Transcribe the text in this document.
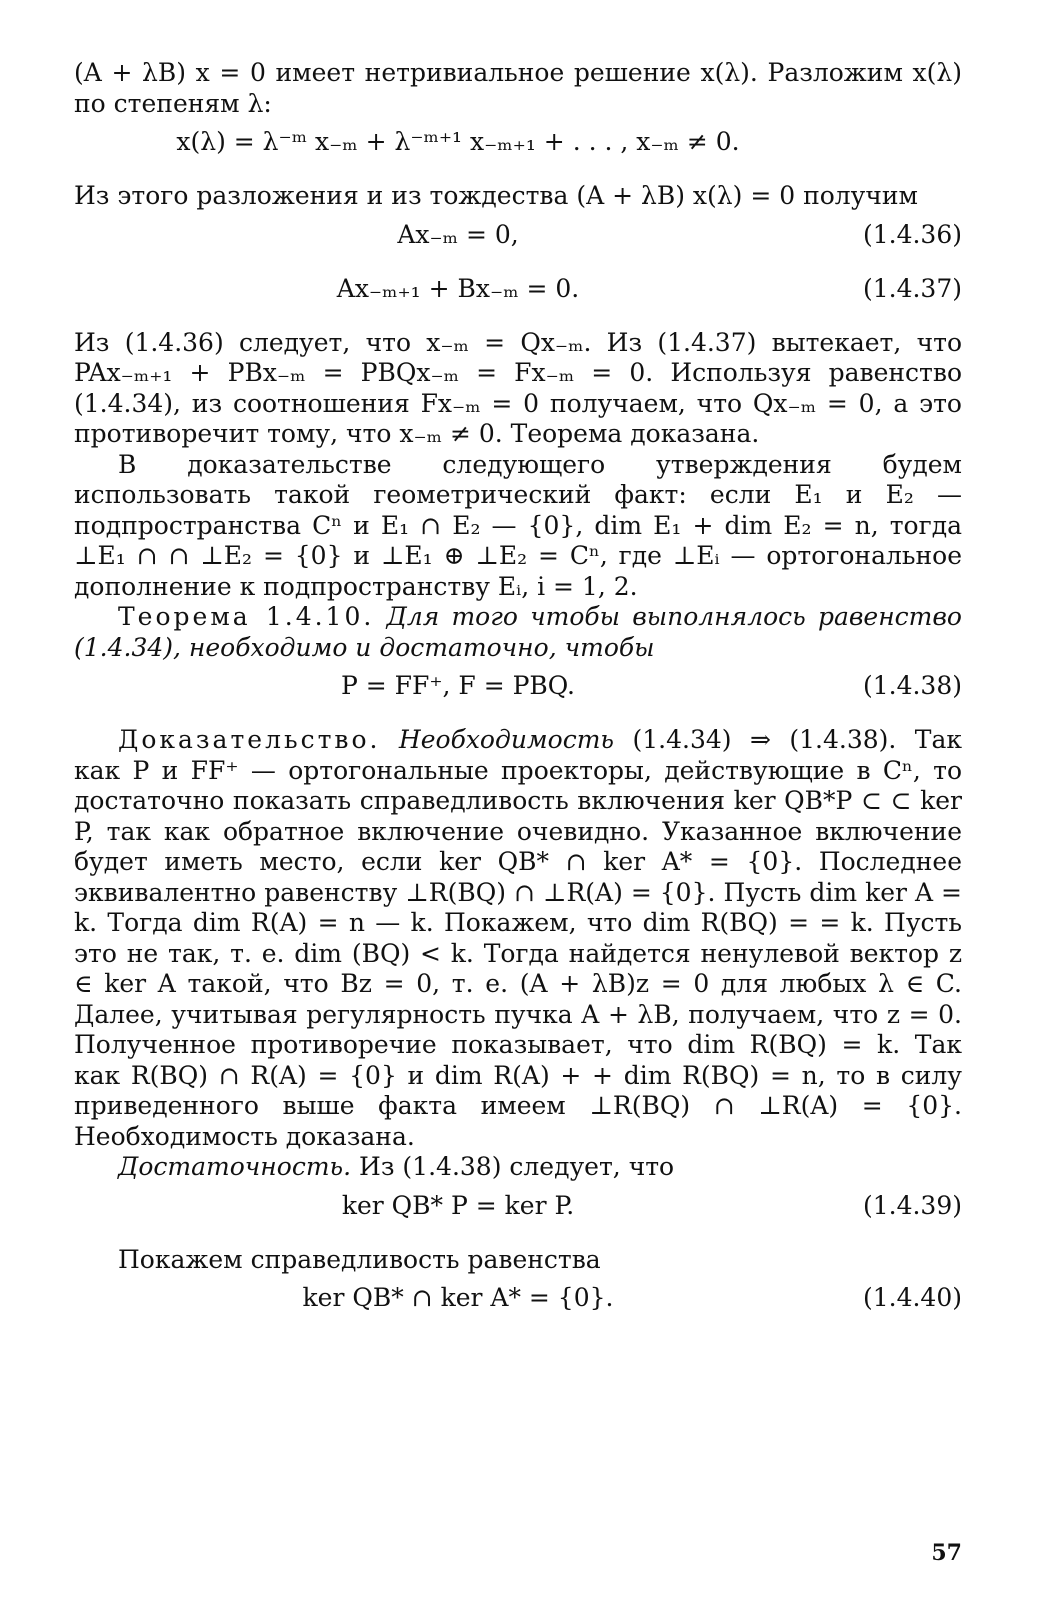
(A + λB) x = 0 имеет нетривиальное решение x(λ). Разложим x(λ) по степеням λ:

x(λ) = λ⁻ᵐ x₋ₘ + λ⁻ᵐ⁺¹ x₋ₘ₊₁ + . . . , x₋ₘ ≠ 0.

Из этого разложения и из тождества (A + λB) x(λ) = 0 получим

Ax₋ₘ = 0,	(1.4.36)
Ax₋ₘ₊₁ + Bx₋ₘ = 0.	(1.4.37)

Из (1.4.36) следует, что x₋ₘ = Qx₋ₘ. Из (1.4.37) вытекает, что PAx₋ₘ₊₁ + PBx₋ₘ = PBQx₋ₘ = Fx₋ₘ = 0. Используя равенство (1.4.34), из соотношения Fx₋ₘ = 0 получаем, что Qx₋ₘ = 0, а это противоречит тому, что x₋ₘ ≠ 0. Теорема доказана.

В доказательстве следующего утверждения будем использовать такой геометрический факт: если E₁ и E₂ — подпространства Cⁿ и E₁ ∩ E₂ — {0}, dim E₁ + dim E₂ = n, тогда ⊥E₁ ∩ ∩ ⊥E₂ = {0} и ⊥E₁ ⊕ ⊥E₂ = Cⁿ, где ⊥Eᵢ — ортогональное дополнение к подпространству Eᵢ, i = 1, 2.

Теорема 1.4.10. Для того чтобы выполнялось равенство (1.4.34), необходимо и достаточно, чтобы

P = FF⁺, F = PBQ.	(1.4.38)

Доказательство. Необходимость (1.4.34) ⇒ (1.4.38). Так как P и FF⁺ — ортогональные проекторы, действующие в Cⁿ, то достаточно показать справедливость включения ker QB*P ⊂ ⊂ ker P, так как обратное включение очевидно. Указанное включение будет иметь место, если ker QB* ∩ ker A* = {0}. Последнее эквивалентно равенству ⊥R(BQ) ∩ ⊥R(A) = {0}. Пусть dim ker A = k. Тогда dim R(A) = n — k. Покажем, что dim R(BQ) = = k. Пусть это не так, т. е. dim (BQ) < k. Тогда найдется ненулевой вектор z ∈ ker A такой, что Bz = 0, т. е. (A + λB)z = 0 для любых λ ∈ C. Далее, учитывая регулярность пучка A + λB, получаем, что z = 0. Полученное противоречие показывает, что dim R(BQ) = k. Так как R(BQ) ∩ R(A) = {0} и dim R(A) + + dim R(BQ) = n, то в силу приведенного выше факта имеем ⊥R(BQ) ∩ ⊥R(A) = {0}. Необходимость доказана.

Достаточность. Из (1.4.38) следует, что

ker QB* P = ker P.	(1.4.39)

Покажем справедливость равенства

ker QB* ∩ ker A* = {0}.	(1.4.40)
57
